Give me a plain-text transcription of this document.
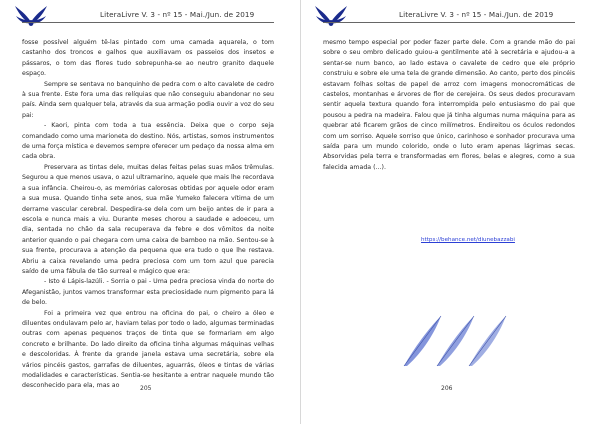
LiteraLivre V. 3 - nº 15 - Mai./Jun. de 2019

fosse possível alguém tê-las pintado com uma camada aquarela, o tom castanho dos troncos e galhos que auxiliavam os passeios dos insetos e pássaros, o tom das flores tudo sobrepunha-se ao neutro granito daquele espaço.

Sempre se sentava no banquinho de pedra com o alto cavalete de cedro à sua frente. Este fora uma das relíquias que não conseguiu abandonar no seu país. Ainda sem qualquer tela, através da sua armação podia ouvir a voz do seu pai:

- Kaori, pinta com toda a tua essência. Deixa que o corpo seja comandado como uma marioneta do destino. Nós, artistas, somos instrumentos de uma força mística e devemos sempre oferecer um pedaço da nossa alma em cada obra.

Preservara as tintas dele, muitas delas feitas pelas suas mãos trêmulas. Segurou a que menos usava, o azul ultramarino, aquele que mais lhe recordava a sua infância. Cheirou-o, as memórias calorosas obtidas por aquele odor eram a sua musa. Quando tinha sete anos, sua mãe Yumeko falecera vítima de um derrame vascular cerebral. Despedira-se dela com um beijo antes de ir para a escola e nunca mais a viu. Durante meses chorou a saudade e adoeceu, um dia, sentada no chão da sala recuperava da febre e dos vômitos da noite anterior quando o pai chegara com uma caixa de bamboo na mão. Sentou-se à sua frente, procurava a atenção da pequena que era tudo o que lhe restava. Abriu a caixa revelando uma pedra preciosa com um tom azul que parecia saído de uma fábula de tão surreal e mágico que era:

- Isto é Lápis-lazúli. - Sorria o pai - Uma pedra preciosa vinda do norte do Afeganistão, juntos vamos transformar esta preciosidade num pigmento para lá de belo.

Foi a primeira vez que entrou na oficina do pai, o cheiro a óleo e diluentes ondulavam pelo ar, haviam telas por todo o lado, algumas terminadas outras com apenas pequenos traços de tinta que se formariam em algo concreto e brilhante. Do lado direito da oficina tinha algumas máquinas velhas e descoloridas. À frente da grande janela estava uma secretária, sobre ela vários pincéis gastos, garrafas de diluentes, aguarrás, óleos e tintas de várias modalidades e características. Sentia-se hesitante a entrar naquele mundo tão desconhecido para ela, mas ao	205
LiteraLivre V. 3 - nº 15 - Mai./Jun. de 2019

mesmo tempo especial por poder fazer parte dele. Com a grande mão do pai sobre o seu ombro delicado guiou-a gentilmente até à secretária e ajudou-a a sentar-se num banco, ao lado estava o cavalete de cedro que ele próprio construiu e sobre ele uma tela de grande dimensão. Ao canto, perto dos pincéis estavam folhas soltas de papel de arroz com imagens monocromáticas de castelos, montanhas e árvores de flor de cerejeira. Os seus dedos procuravam sentir aquela textura quando fora interrompida pelo entusiasmo do pai que pousou a pedra na madeira. Falou que já tinha algumas numa máquina para as quebrar até ficarem grãos de cinco milímetros. Endireitou os óculos redondos com um sorriso. Aquele sorriso que único, carinhoso e sonhador procurava uma saída para um mundo colorido, onde o luto eram apenas lágrimas secas. Absorvidas pela terra e transformadas em flores, belas e alegres, como a sua falecida amada (...).

https://behance.net/diunebazzabi
206
